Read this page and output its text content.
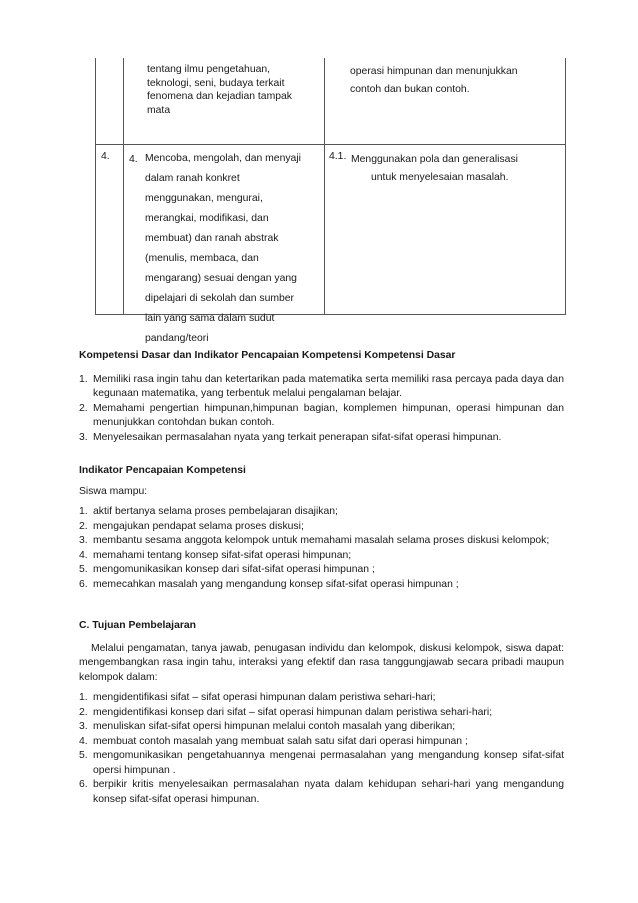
tentang ilmu pengetahuan,

teknologi, seni, budaya terkait

fenomena dan kejadian tampak

mata

operasi himpunan dan menunjukkan

contoh dan bukan contoh.

4. 4. Mencoba, mengolah, dan menyaji

dalam ranah konkret

menggunakan, mengurai,

merangkai, modifikasi, dan

membuat) dan ranah abstrak

(menulis, membaca, dan

mengarang) sesuai dengan yang

dipelajari di sekolah dan sumber

lain yang sama dalam sudut

pandang/teori

4.1. Menggunakan pola dan generalisasi

untuk menyelesaian masalah.

Kompetensi Dasar dan Indikator Pencapaian Kompetensi Kompetensi Dasar
1. Memiliki rasa ingin tahu dan ketertarikan pada matematika serta memiliki rasa percaya pada daya dan kegunaan matematika, yang terbentuk melalui pengalaman belajar.
2. Memahami pengertian himpunan,himpunan bagian, komplemen himpunan, operasi himpunan dan menunjukkan contohdan bukan contoh.
3. Menyelesaikan permasalahan nyata yang terkait penerapan sifat-sifat operasi himpunan.
Indikator Pencapaian Kompetensi
Siswa mampu:
1. aktif bertanya selama proses pembelajaran disajikan;
2. mengajukan pendapat selama proses diskusi;
3. membantu sesama anggota kelompok untuk memahami masalah selama proses diskusi kelompok;
4. memahami tentang konsep sifat-sifat operasi himpunan;
5. mengomunikasikan konsep dari sifat-sifat operasi himpunan ;
6. memecahkan masalah yang mengandung konsep sifat-sifat operasi himpunan ;
C. Tujuan Pembelajaran
Melalui pengamatan, tanya jawab, penugasan individu dan kelompok, diskusi kelompok, siswa dapat: mengembangkan rasa ingin tahu, interaksi yang efektif dan rasa tanggungjawab secara pribadi maupun kelompok dalam:
1. mengidentifikasi sifat – sifat operasi himpunan dalam peristiwa sehari-hari;
2. mengidentifikasi konsep dari sifat – sifat operasi himpunan dalam peristiwa sehari-hari;
3. menuliskan sifat-sifat opersi himpunan melalui contoh masalah yang diberikan;
4. membuat contoh masalah yang membuat salah satu sifat dari operasi himpunan ;
5. mengomunikasikan pengetahuannya mengenai permasalahan yang mengandung konsep sifat-sifat opersi himpunan .
6. berpikir kritis menyelesaikan permasalahan nyata dalam kehidupan sehari-hari yang mengandung konsep sifat-sifat operasi himpunan.
